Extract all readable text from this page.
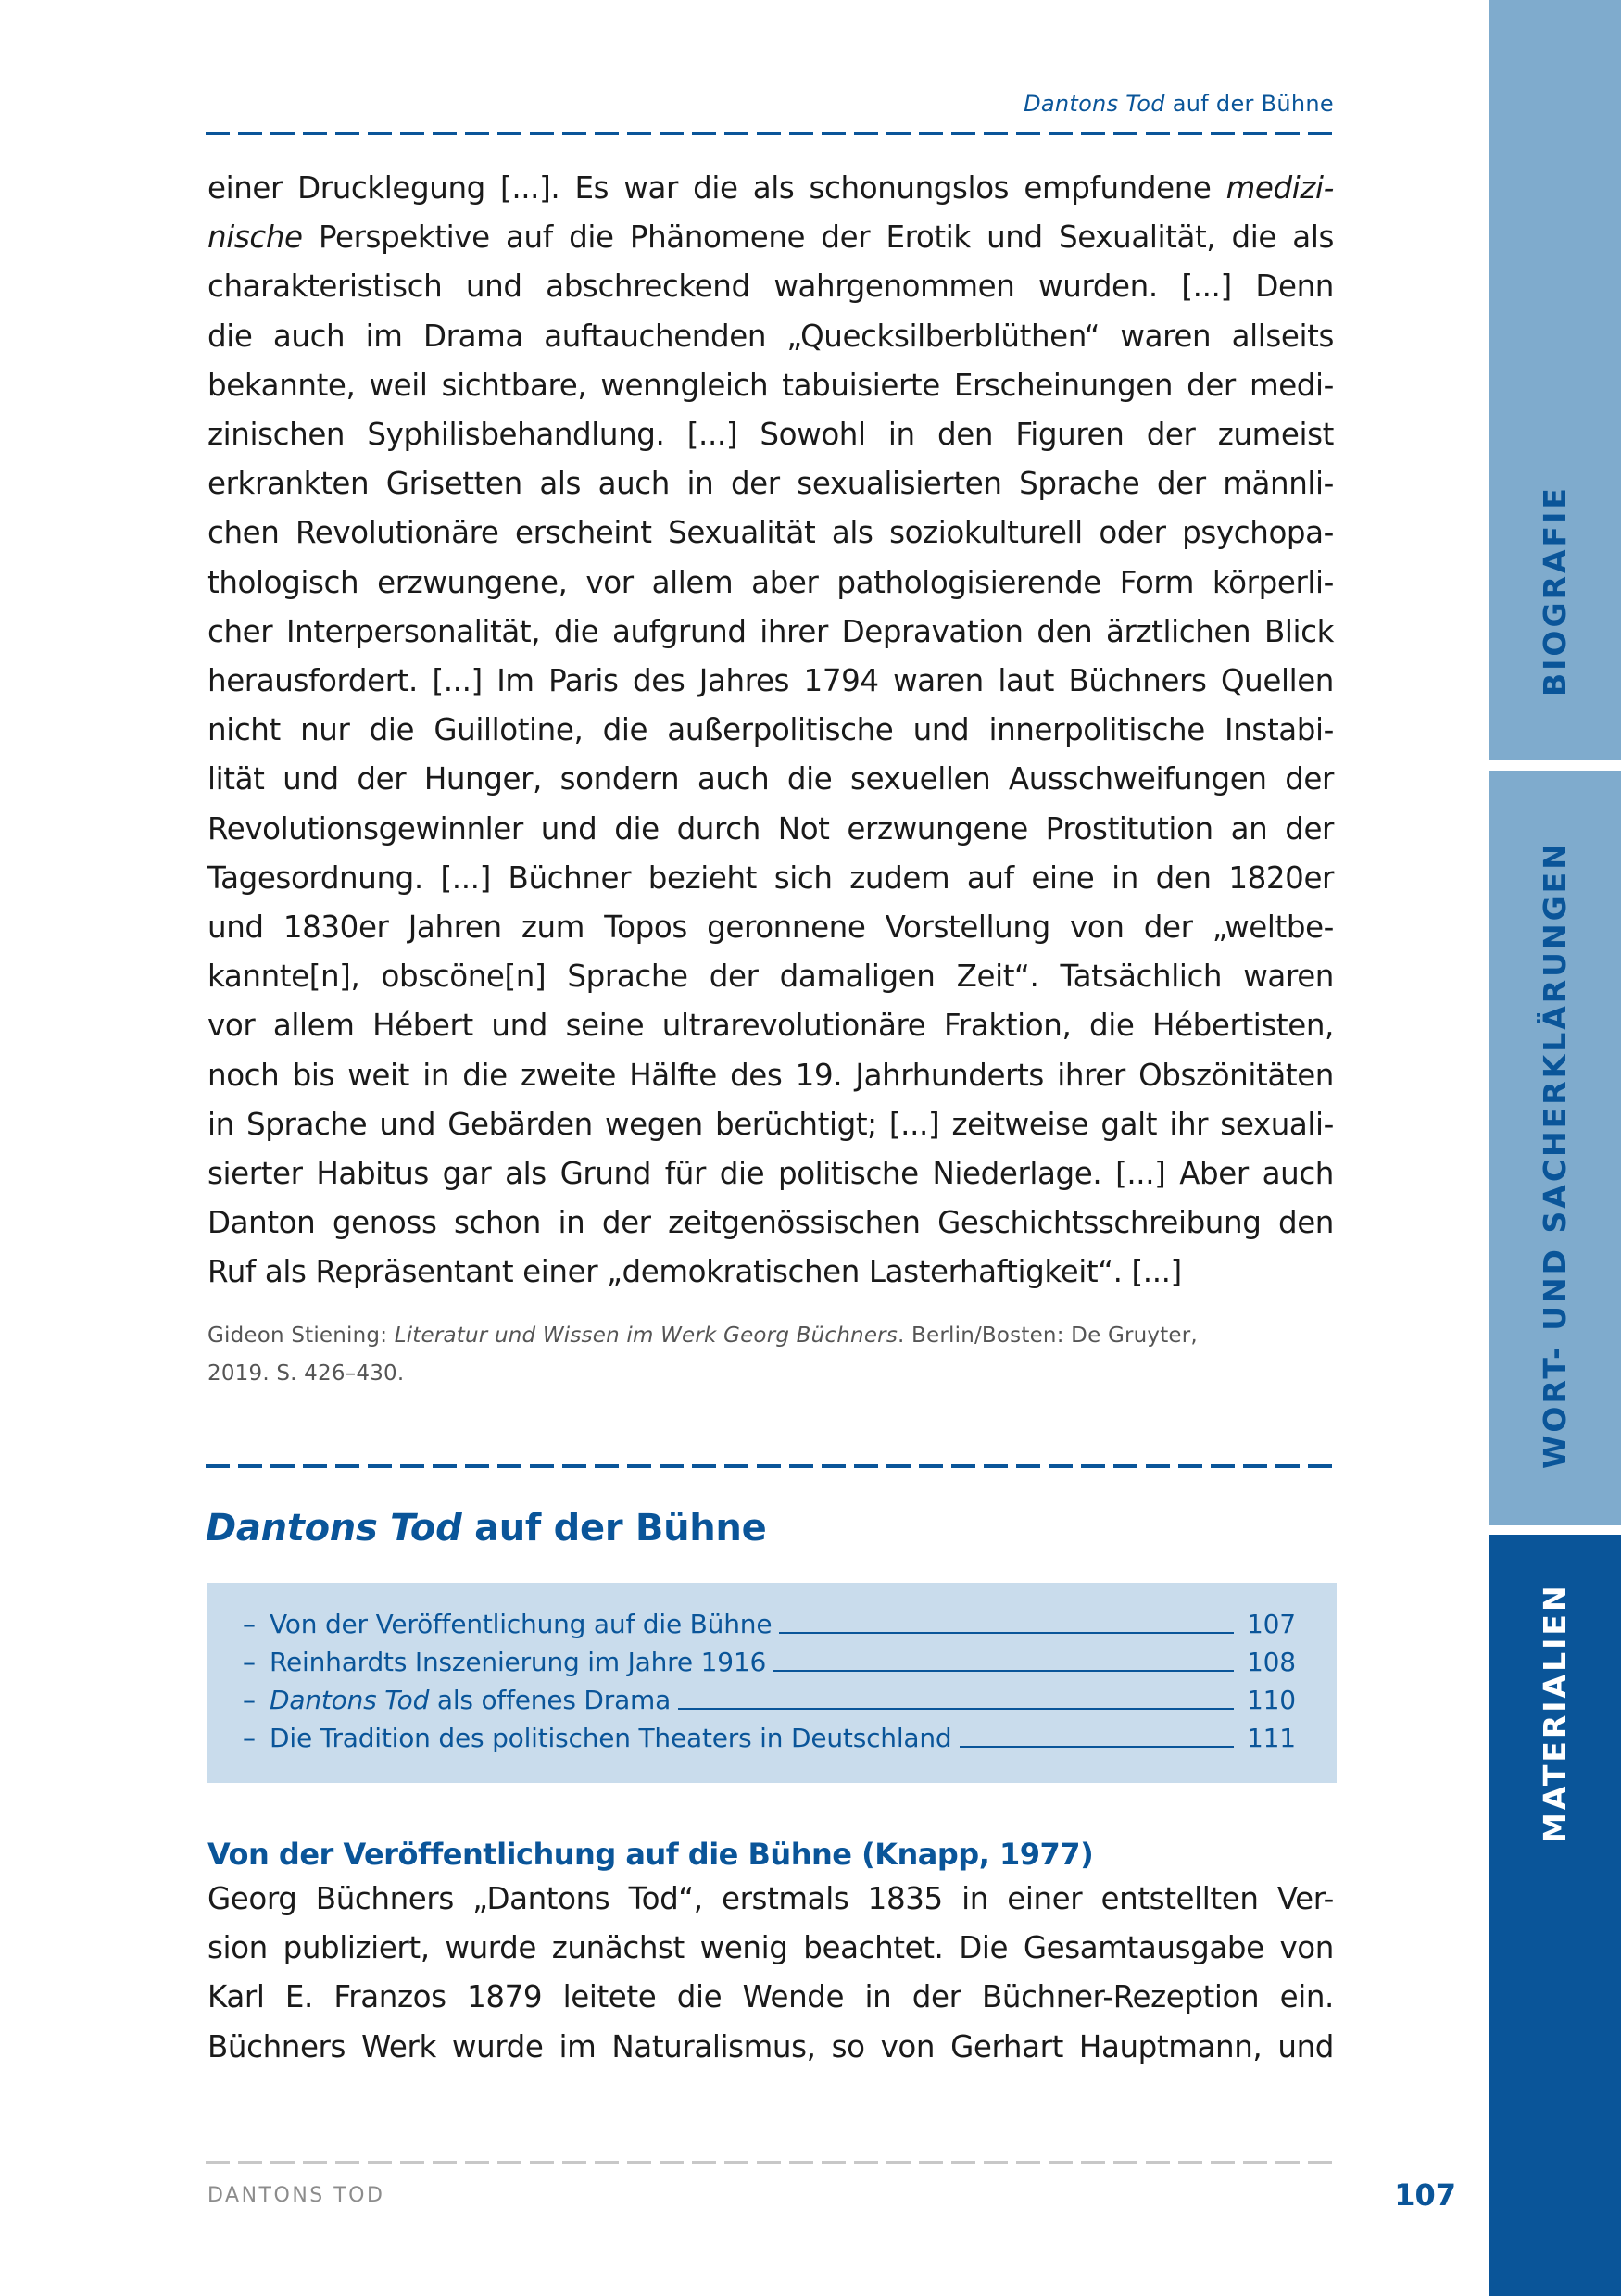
Dantons Tod auf der Bühne
einer Drucklegung [...]. Es war die als schonungslos empfundene medizi-
nische Perspektive auf die Phänomene der Erotik und Sexualität, die als
charakteristisch und abschreckend wahrgenommen wurden. [...] Denn
die auch im Drama auftauchenden „Quecksilberblüthen“ waren allseits
bekannte, weil sichtbare, wenngleich tabuisierte Erscheinungen der medi-
zinischen Syphilisbehandlung. [...] Sowohl in den Figuren der zumeist
erkrankten Grisetten als auch in der sexualisierten Sprache der männli-
chen Revolutionäre erscheint Sexualität als soziokulturell oder psychopa-
thologisch erzwungene, vor allem aber pathologisierende Form körperli-
cher Interpersonalität, die aufgrund ihrer Depravation den ärztlichen Blick
herausfordert. [...] Im Paris des Jahres 1794 waren laut Büchners Quellen
nicht nur die Guillotine, die außerpolitische und innerpolitische Instabi-
lität und der Hunger, sondern auch die sexuellen Ausschweifungen der
Revolutionsgewinnler und die durch Not erzwungene Prostitution an der
Tagesordnung. [...] Büchner bezieht sich zudem auf eine in den 1820er
und 1830er Jahren zum Topos geronnene Vorstellung von der „weltbe-
kannte[n], obscöne[n] Sprache der damaligen Zeit“. Tatsächlich waren
vor allem Hébert und seine ultrarevolutionäre Fraktion, die Hébertisten,
noch bis weit in die zweite Hälfte des 19. Jahrhunderts ihrer Obszönitäten
in Sprache und Gebärden wegen berüchtigt; [...] zeitweise galt ihr sexuali-
sierter Habitus gar als Grund für die politische Niederlage. [...] Aber auch
Danton genoss schon in der zeitgenössischen Geschichtsschreibung den
Ruf als Repräsentant einer „demokratischen Lasterhaftigkeit“. [...]
Gideon Stiening: Literatur und Wissen im Werk Georg Büchners. Berlin/Bosten: De Gruyter,
2019. S. 426–430.
Dantons Tod auf der Bühne
– Von der Veröffentlichung auf die Bühne	107
– Reinhardts Inszenierung im Jahre 1916	108
– Dantons Tod als offenes Drama	110
– Die Tradition des politischen Theaters in Deutschland	111
Von der Veröffentlichung auf die Bühne (Knapp, 1977)
Georg Büchners „Dantons Tod“, erstmals 1835 in einer entstellten Ver-
sion publiziert, wurde zunächst wenig beachtet. Die Gesamtausgabe von
Karl E. Franzos 1879 leitete die Wende in der Büchner-Rezeption ein.
Büchners Werk wurde im Naturalismus, so von Gerhart Hauptmann, und
DANTONS TOD	107
BIOGRAFIE
WORT- UND SACHERKLÄRUNGEN
MATERIALIEN
